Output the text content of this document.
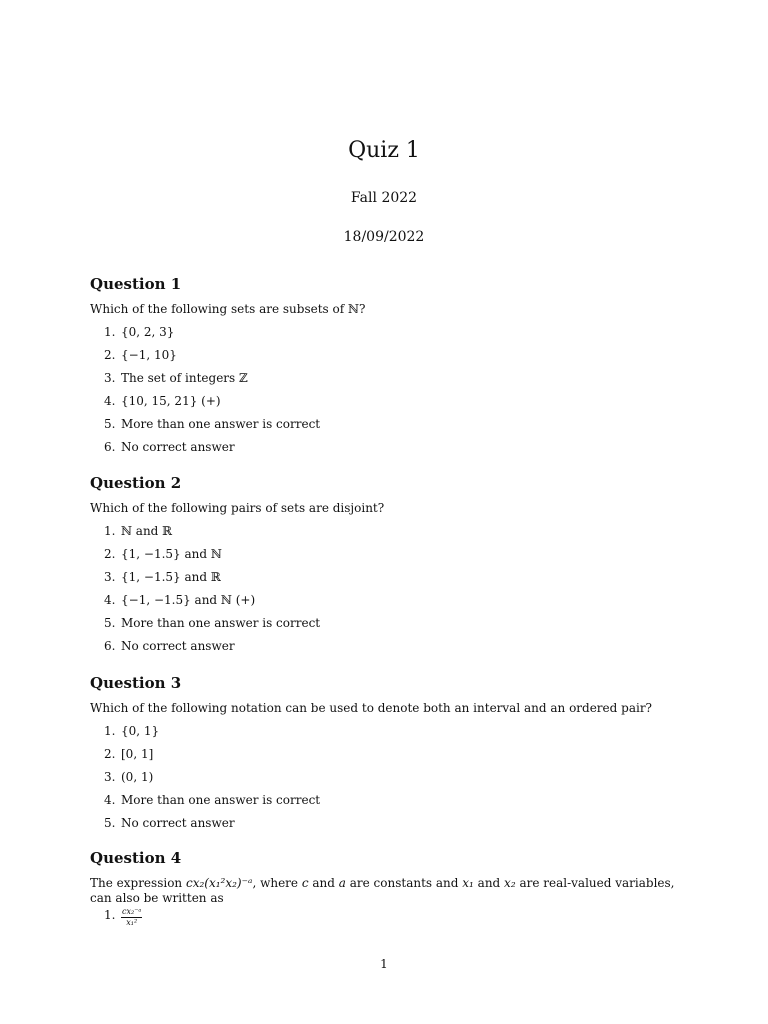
Quiz 1
Fall 2022
18/09/2022

Question 1

Which of the following sets are subsets of ℕ?

1. {0, 2, 3}
2. {−1, 10}
3. The set of integers ℤ
4. {10, 15, 21} (+)
5. More than one answer is correct
6. No correct answer

Question 2

Which of the following pairs of sets are disjoint?

1. ℕ and ℝ
2. {1, −1.5} and ℕ
3. {1, −1.5} and ℝ
4. {−1, −1.5} and ℕ (+)
5. More than one answer is correct
6. No correct answer

Question 3

Which of the following notation can be used to denote both an interval and an ordered pair?

1. {0, 1}
2. [0, 1]
3. (0, 1)
4. More than one answer is correct
5. No correct answer

Question 4

The expression cx₂(x₁²x₂)⁻ᵃ, where c and a are constants and x₁ and x₂ are real-valued variables, can also be written as

1. $\frac{\text{cx₂⁻ᵃ}}{\text{x₁²}}$
1
